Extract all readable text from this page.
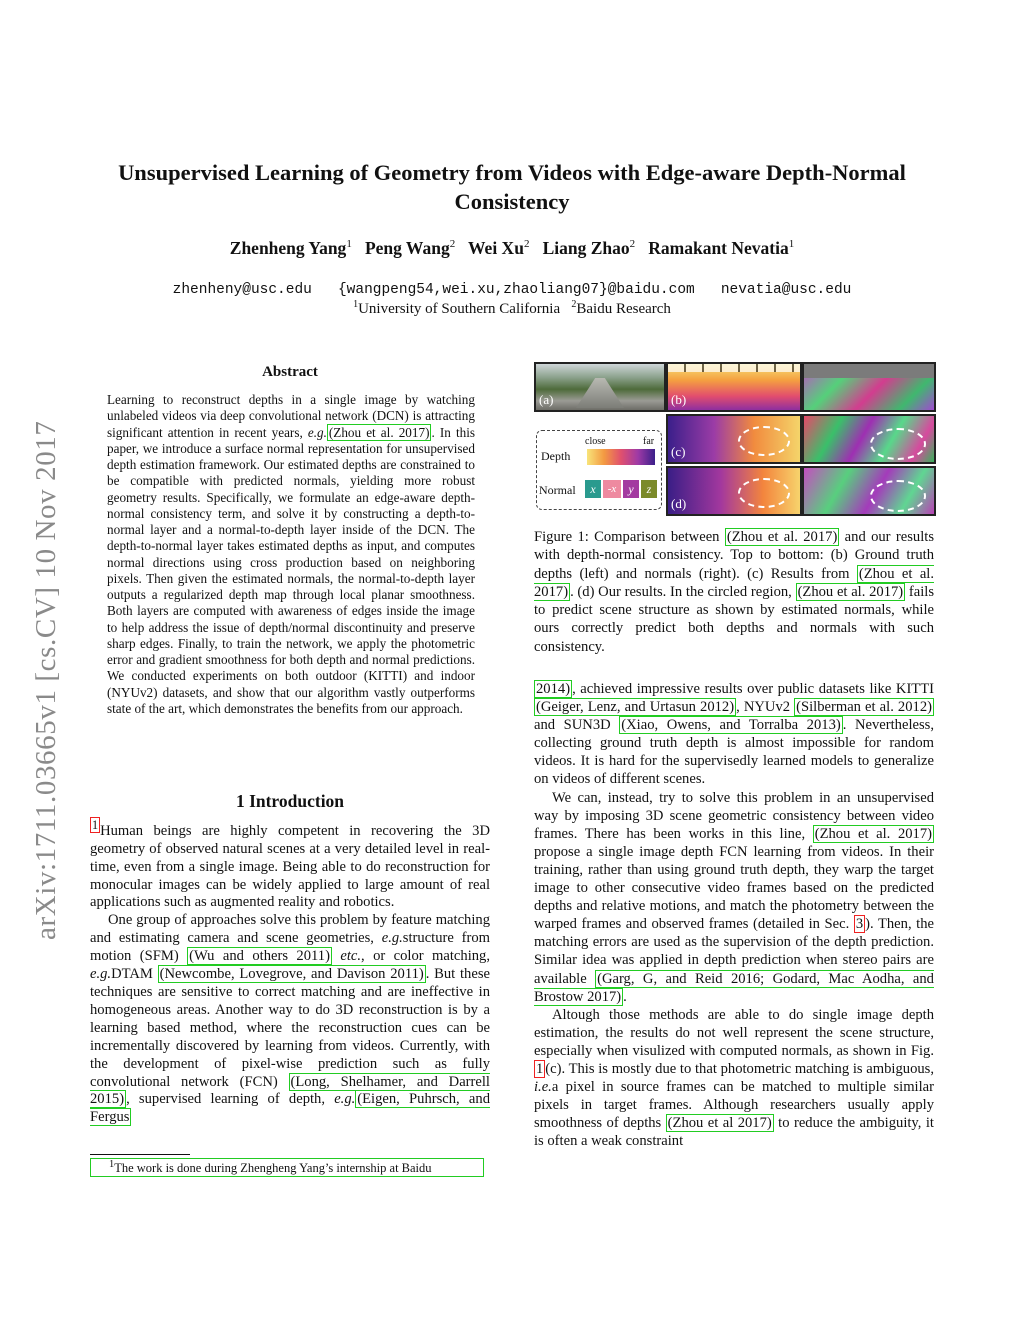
arXiv:1711.03665v1 [cs.CV] 10 Nov 2017
Unsupervised Learning of Geometry from Videos with Edge-aware Depth-Normal
Consistency
Zhenheng Yang$^1$ Peng Wang$^2$ Wei Xu$^2$ Liang Zhao$^2$ Ramakant Nevatia$^1$
zhenheny@usc.edu   {wangpeng54,wei.xu,zhaoliang07}@baidu.com   nevatia@usc.edu
$^1$University of Southern California $^2$Baidu Research
Abstract
Learning to reconstruct depths in a single image by watching unlabeled videos via deep convolutional network (DCN) is attracting significant attention in recent years, e.g. (Zhou et al. 2017) . In this paper, we introduce a surface normal representation for unsupervised depth estimation framework. Our estimated depths are constrained to be compatible with predicted normals, yielding more robust geometry results. Specifically, we formulate an edge-aware depth-normal consistency term, and solve it by constructing a depth-to-normal layer and a normal-to-depth layer inside of the DCN. The depth-to-normal layer takes estimated depths as input, and computes normal directions using cross production based on neighboring pixels. Then given the estimated normals, the normal-to-depth layer outputs a regularized depth map through local planar smoothness. Both layers are computed with awareness of edges inside the image to help address the issue of depth/normal discontinuity and preserve sharp edges. Finally, to train the network, we apply the photometric error and gradient smoothness for both depth and normal predictions. We conducted experiments on both outdoor (KITTI) and indoor (NYUv2) datasets, and show that our algorithm vastly outperforms state of the art, which demonstrates the benefits from our approach.
1 Introduction

$^1$ Human beings are highly competent in recovering the 3D geometry of observed natural scenes at a very detailed level in real-time, even from a single image. Being able to do reconstruction for monocular images can be widely applied to large amount of real applications such as augmented reality and robotics.

One group of approaches solve this problem by feature matching and estimating camera and scene geometries, e.g.structure from motion (SFM) (Wu and others 2011) etc., or color matching, e.g.DTAM (Newcombe, Lovegrove, and Davison 2011) . But these techniques are sensitive to correct matching and are ineffective in homogeneous areas. Another way to do 3D reconstruction is by a learning based method, where the reconstruction cues can be incrementally discovered by learning from videos. Currently, with the development of pixel-wise prediction such as fully convolutional network (FCN) (Long, Shelhamer, and Darrell 2015) , supervised learning of depth, e.g. (Eigen, Puhrsch, and Fergus

$^1$The work is done during Zhengheng Yang’s internship at Baidu
(a)	(b)
(c)
(d)
close	far
Depth
Normal	x	-x	y	z
Figure 1: Comparison between (Zhou et al. 2017) and our results with depth-normal consistency. Top to bottom: (b) Ground truth depths (left) and normals (right). (c) Results from (Zhou et al. 2017) . (d) Our results. In the circled region, (Zhou et al. 2017) fails to predict scene structure as shown by estimated normals, while ours correctly predict both depths and normals with such consistency.

2014) , achieved impressive results over public datasets like KITTI (Geiger, Lenz, and Urtasun 2012) , NYUv2 (Silberman et al. 2012) and SUN3D (Xiao, Owens, and Torralba 2013) . Nevertheless, collecting ground truth depth is almost impossible for random videos. It is hard for the supervisedly learned models to generalize on videos of different scenes.

We can, instead, try to solve this problem in an unsupervised way by imposing 3D scene geometric consistency between video frames. There has been works in this line, (Zhou et al. 2017) propose a single image depth FCN learning from videos. In their training, rather than using ground truth depth, they warp the target image to other consecutive video frames based on the predicted depths and relative motions, and match the photometry between the warped frames and observed frames (detailed in Sec. 3 ). Then, the matching errors are used as the supervision of the depth prediction. Similar idea was applied in depth prediction when stereo pairs are available (Garg, G, and Reid 2016; Godard, Mac Aodha, and Brostow 2017) .

Altough those methods are able to do single image depth estimation, the results do not well represent the scene structure, especially when visulized with computed normals, as shown in Fig. 1 (c). This is mostly due to that photometric matching is ambiguous, i.e.a pixel in source frames can be matched to multiple similar pixels in target frames. Although researchers usually apply smoothness of depths (Zhou et al 2017) to reduce the ambiguity, it is often a weak constraint
